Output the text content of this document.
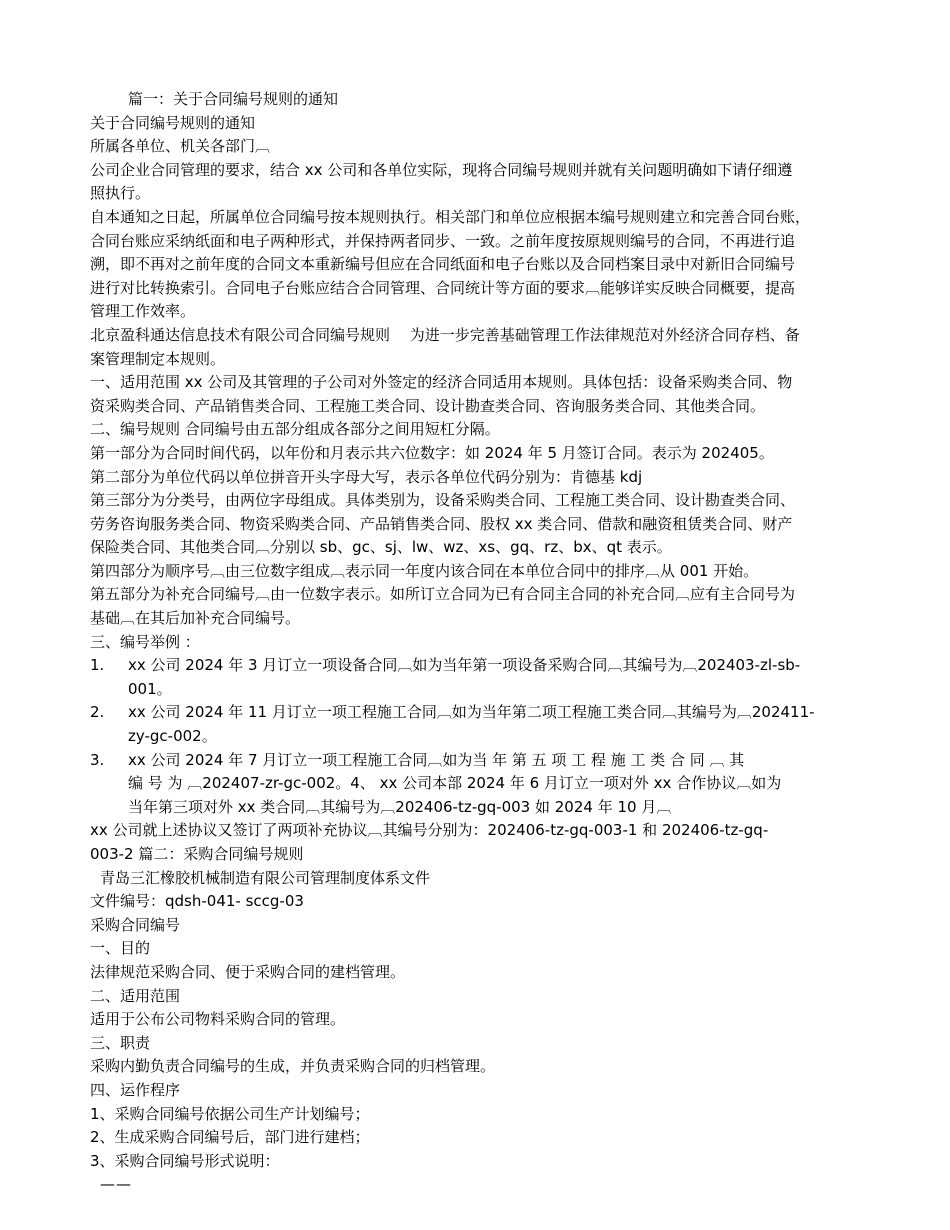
篇一：关于合同编号规则的通知
关于合同编号规则的通知
所属各单位、机关各部门︹
公司企业合同管理的要求，结合 xx 公司和各单位实际，现将合同编号规则并就有关问题明确如下请仔细遵
照执行。
自本通知之日起，所属单位合同编号按本规则执行。相关部门和单位应根据本编号规则建立和完善合同台账，
合同台账应采纳纸面和电子两种形式，并保持两者同步、一致。之前年度按原规则编号的合同，不再进行追
溯，即不再对之前年度的合同文本重新编号但应在合同纸面和电子台账以及合同档案目录中对新旧合同编号
进行对比转换索引。合同电子台账应结合合同管理、合同统计等方面的要求︹能够详实反映合同概要，提高
管理工作效率。
北京盈科通达信息技术有限公司合同编号规则　 为进一步完善基础管理工作法律规范对外经济合同存档、备
案管理制定本规则。
一、适用范围 xx 公司及其管理的子公司对外签定的经济合同适用本规则。具体包括：设备采购类合同、物
资采购类合同、产品销售类合同、工程施工类合同、设计勘查类合同、咨询服务类合同、其他类合同。
二、编号规则 合同编号由五部分组成各部分之间用短杠分隔。
第一部分为合同时间代码，以年份和月表示共六位数字：如 2024 年 5 月签订合同。表示为 202405。
第二部分为单位代码以单位拼音开头字母大写，表示各单位代码分别为：肯德基 kdj
第三部分为分类号，由两位字母组成。具体类别为，设备采购类合同、工程施工类合同、设计勘查类合同、
劳务咨询服务类合同、物资采购类合同、产品销售类合同、股权 xx 类合同、借款和融资租赁类合同、财产
保险类合同、其他类合同︹分别以 sb、gc、sj、lw、wz、xs、gq、rz、bx、qt 表示。
第四部分为顺序号︹由三位数字组成︹表示同一年度内该合同在本单位合同中的排序︹从 001 开始。
第五部分为补充合同编号︹由一位数字表示。如所订立合同为已有合同主合同的补充合同︹应有主合同号为
基础︹在其后加补充合同编号。
三、编号举例 ：
1.	xx 公司 2024 年 3 月订立一项设备合同︹如为当年第一项设备采购合同︹其编号为︹202403-zl-sb-
001。
2.	xx 公司 2024 年 11 月订立一项工程施工合同︹如为当年第二项工程施工类合同︹其编号为︹202411-
zy-gc-002。
3.	xx 公司 2024 年 7 月订立一项工程施工合同︹如为当 年 第 五 项 工 程 施 工 类 合 同 ︹ 其
编 号 为 ︹202407-zr-gc-002。4、 xx 公司本部 2024 年 6 月订立一项对外 xx 合作协议︹如为
当年第三项对外 xx 类合同︹其编号为︹202406-tz-gq-003 如 2024 年 10 月︹
xx 公司就上述协议又签订了两项补充协议︹其编号分别为：202406-tz-gq-003-1 和 202406-tz-gq-
003-2 篇二：采购合同编号规则
青岛三汇橡胶机械制造有限公司管理制度体系文件
文件编号：qdsh-041- sccg-03
采购合同编号
一、目的
法律规范采购合同、便于采购合同的建档管理。
二、适用范围
适用于公布公司物料采购合同的管理。
三、职责
采购内勤负责合同编号的生成，并负责采购合同的归档管理。
四、运作程序
1、采购合同编号依据公司生产计划编号；
2、生成采购合同编号后，部门进行建档；
3、采购合同编号形式说明：
——
